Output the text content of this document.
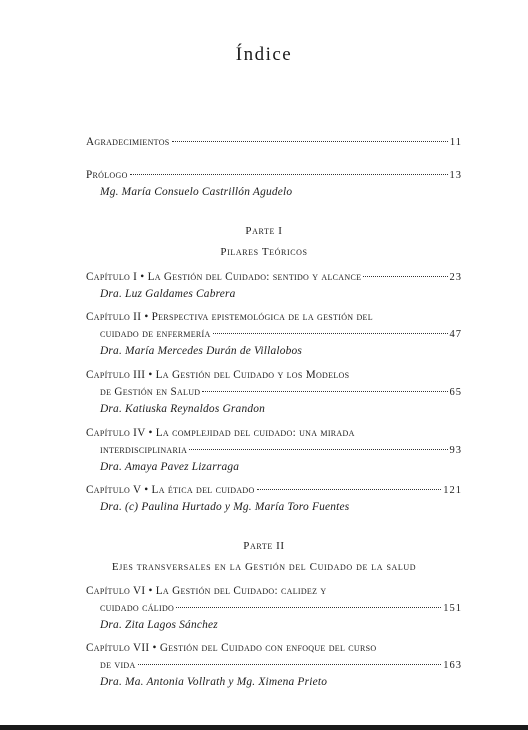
Índice
Agradecimientos	11
Prólogo	13
Mg. María Consuelo Castrillón Agudelo
Parte I
Pilares Teóricos
Capítulo I • La Gestión del Cuidado: sentido y alcance	23
Dra. Luz Galdames Cabrera
Capítulo II • Perspectiva epistemológica de la gestión del
cuidado de enfermería	47
Dra. María Mercedes Durán de Villalobos
Capítulo III • La Gestión del Cuidado y los Modelos
de Gestión en Salud	65
Dra. Katiuska Reynaldos Grandon
Capítulo IV • La complejidad del cuidado: una mirada
interdisciplinaria	93
Dra. Amaya Pavez Lizarraga
Capítulo V • La ética del cuidado	121
Dra. (c) Paulina Hurtado y Mg. María Toro Fuentes
Parte II
Ejes transversales en la Gestión del Cuidado de la salud
Capítulo VI • La Gestión del Cuidado: calidez y
cuidado cálido	151
Dra. Zita Lagos Sánchez
Capítulo VII • Gestión del Cuidado con enfoque del curso
de vida	163
Dra. Ma. Antonia Vollrath y Mg. Ximena Prieto
